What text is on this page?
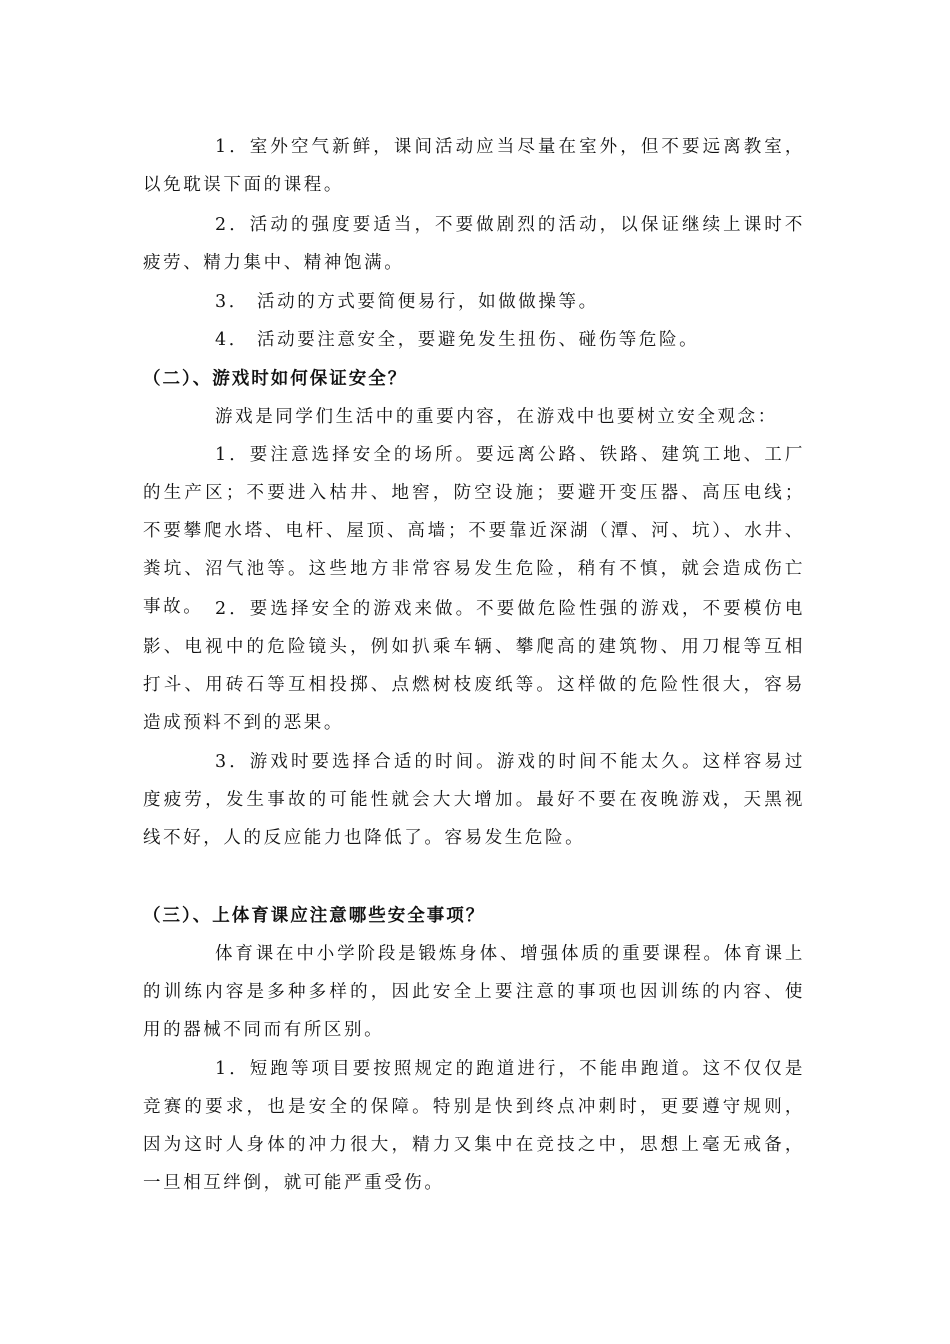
1．室外空气新鲜，课间活动应当尽量在室外，但不要远离教室，以免耽误下面的课程。

2．活动的强度要适当，不要做剧烈的活动，以保证继续上课时不疲劳、精力集中、精神饱满。

3． 活动的方式要简便易行，如做做操等。

4． 活动要注意安全，要避免发生扭伤、碰伤等危险。

（二）、游戏时如何保证安全？

游戏是同学们生活中的重要内容，在游戏中也要树立安全观念：

1．要注意选择安全的场所。要远离公路、铁路、建筑工地、工厂的生产区；不要进入枯井、地窖，防空设施；要避开变压器、高压电线；不要攀爬水塔、电杆、屋顶、高墙；不要靠近深湖（潭、河、坑）、水井、粪坑、沼气池等。这些地方非常容易发生危险，稍有不慎，就会造成伤亡事故。 2．要选择安全的游戏来做。不要做危险性强的游戏，不要模仿电影、电视中的危险镜头，例如扒乘车辆、攀爬高的建筑物、用刀棍等互相打斗、用砖石等互相投掷、点燃树枝废纸等。这样做的危险性很大，容易造成预料不到的恶果。

3．游戏时要选择合适的时间。游戏的时间不能太久。这样容易过度疲劳，发生事故的可能性就会大大增加。最好不要在夜晚游戏，天黑视线不好，人的反应能力也降低了。容易发生危险。

（三）、上体育课应注意哪些安全事项？

体育课在中小学阶段是锻炼身体、增强体质的重要课程。体育课上的训练内容是多种多样的，因此安全上要注意的事项也因训练的内容、使用的器械不同而有所区别。

1．短跑等项目要按照规定的跑道进行，不能串跑道。这不仅仅是竞赛的要求，也是安全的保障。特别是快到终点冲刺时，更要遵守规则，因为这时人身体的冲力很大，精力又集中在竞技之中，思想上毫无戒备，一旦相互绊倒，就可能严重受伤。
